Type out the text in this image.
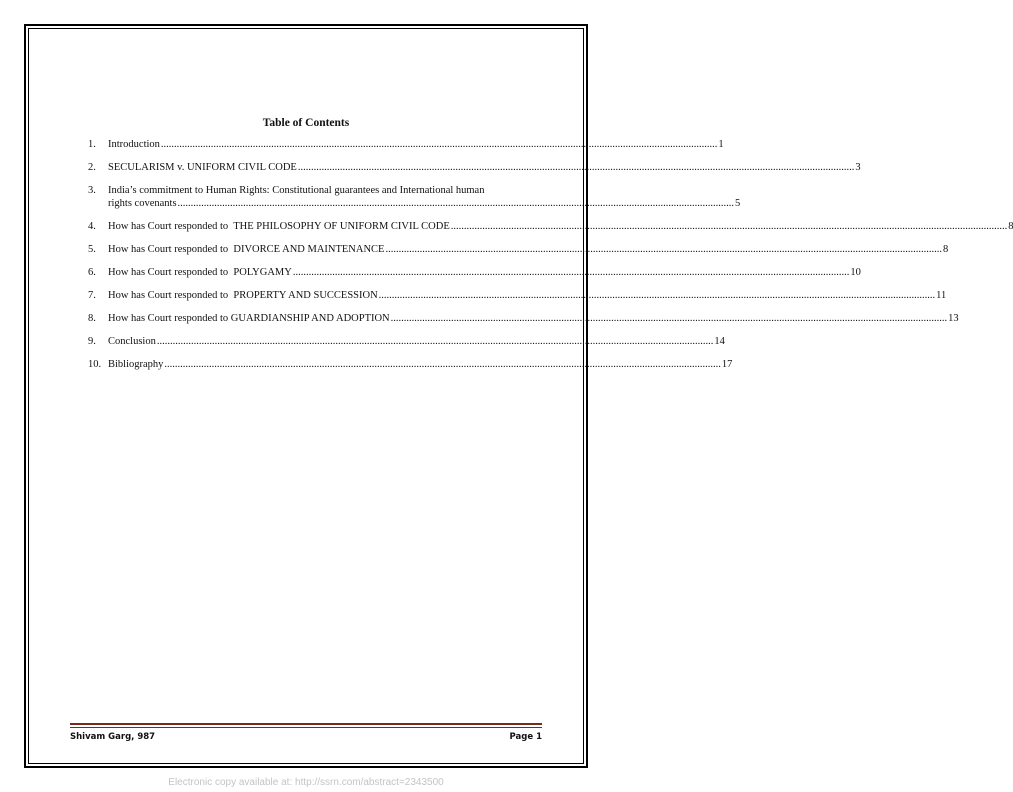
Table of Contents
1.	Introduction .....	1
2.	SECULARISM v. UNIFORM CIVIL CODE .....	3
3.	India’s commitment to Human Rights: Constitutional guarantees and International human
rights covenants .....	5
4.	How has Court responded to  THE PHILOSOPHY OF UNIFORM CIVIL CODE .....	8
5.	How has Court responded to  DIVORCE AND MAINTENANCE .....	8
6.	How has Court responded to  POLYGAMY .....	10
7.	How has Court responded to  PROPERTY AND SUCCESSION .....	11
8.	How has Court responded to GUARDIANSHIP AND ADOPTION .....	13
9.	Conclusion .....	14
10. Bibliography .....	17
Shivam Garg, 987	Page 1
Electronic copy available at: http://ssrn.com/abstract=2343500
